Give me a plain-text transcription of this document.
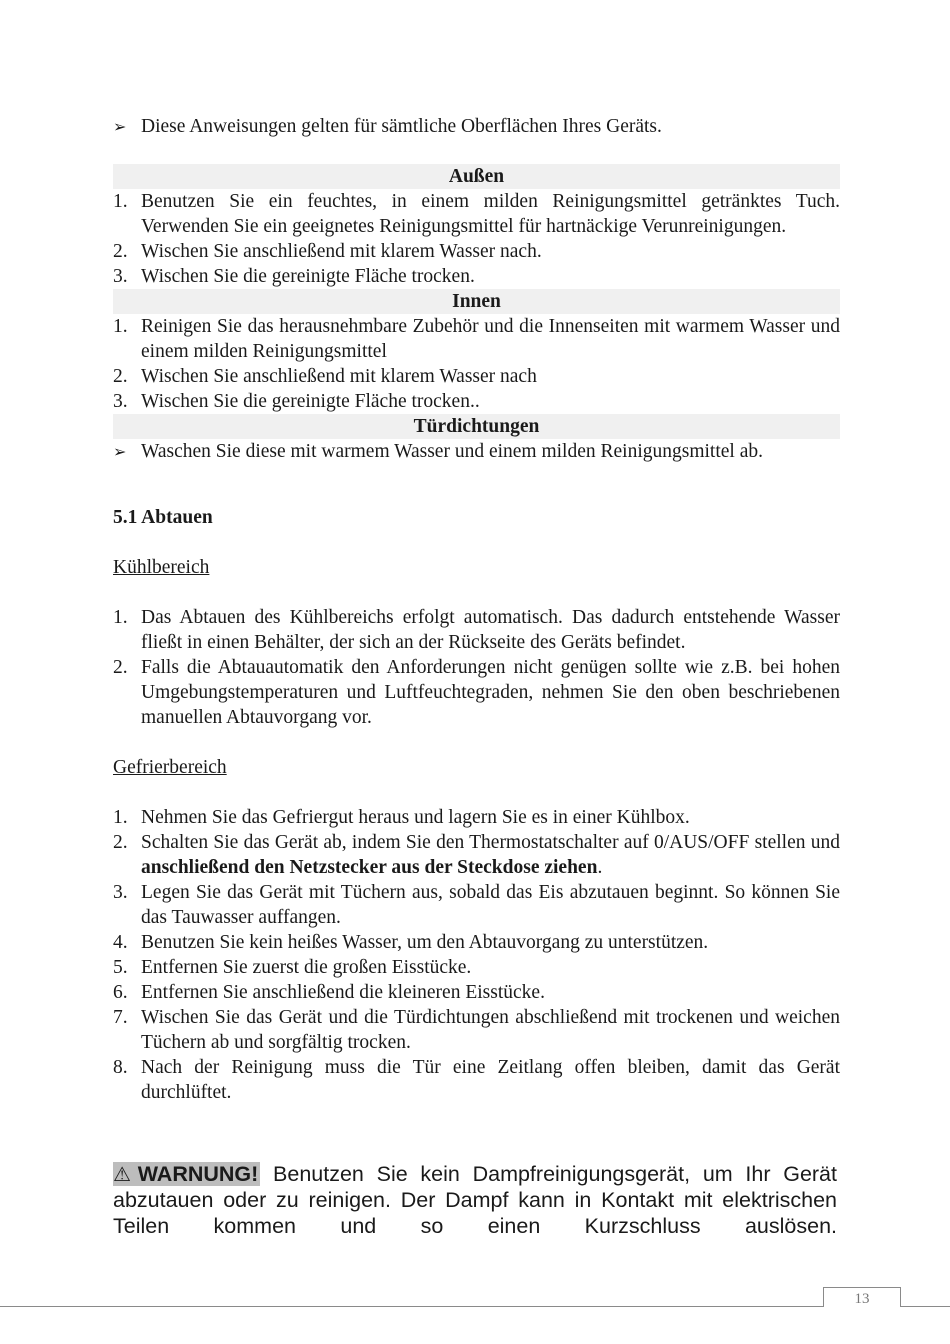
➢ Diese Anweisungen gelten für sämtliche Oberflächen Ihres Geräts.
Außen
1. Benutzen Sie ein feuchtes, in einem milden Reinigungsmittel getränktes Tuch. Verwenden Sie ein geeignetes Reinigungsmittel für hartnäckige Verunreinigungen.
2. Wischen Sie anschließend mit klarem Wasser nach.
3. Wischen Sie die gereinigte Fläche trocken.
Innen
1. Reinigen Sie das herausnehmbare Zubehör und die Innenseiten mit warmem Wasser und einem milden Reinigungsmittel
2. Wischen Sie anschließend mit klarem Wasser nach
3. Wischen Sie die gereinigte Fläche trocken..
Türdichtungen
➢ Waschen Sie diese mit warmem Wasser und einem milden Reinigungsmittel ab.
5.1 Abtauen
Kühlbereich
1. Das Abtauen des Kühlbereichs erfolgt automatisch. Das dadurch entstehende Wasser fließt in einen Behälter, der sich an der Rückseite des Geräts befindet.
2. Falls die Abtauautomatik den Anforderungen nicht genügen sollte wie z.B. bei hohen Umgebungstemperaturen und Luftfeuchtegraden, nehmen Sie den oben beschriebenen manuellen Abtauvorgang vor.
Gefrierbereich
1. Nehmen Sie das Gefriergut heraus und lagern Sie es in einer Kühlbox.
2. Schalten Sie das Gerät ab, indem Sie den Thermostatschalter auf 0/AUS/OFF stellen und anschließend den Netzstecker aus der Steckdose ziehen.
3. Legen Sie das Gerät mit Tüchern aus, sobald das Eis abzutauen beginnt. So können Sie das Tauwasser auffangen.
4. Benutzen Sie kein heißes Wasser, um den Abtauvorgang zu unterstützen.
5. Entfernen Sie zuerst die großen Eisstücke.
6. Entfernen Sie anschließend die kleineren Eisstücke.
7. Wischen Sie das Gerät und die Türdichtungen abschließend mit trockenen und weichen Tüchern ab und sorgfältig trocken.
8. Nach der Reinigung muss die Tür eine Zeitlang offen bleiben, damit das Gerät durchlüftet.
⚠WARNUNG! Benutzen Sie kein Dampfreinigungsgerät, um Ihr Gerät abzutauen oder zu reinigen. Der Dampf kann in Kontakt mit elektrischen Teilen kommen und so einen Kurzschluss auslösen.
13
